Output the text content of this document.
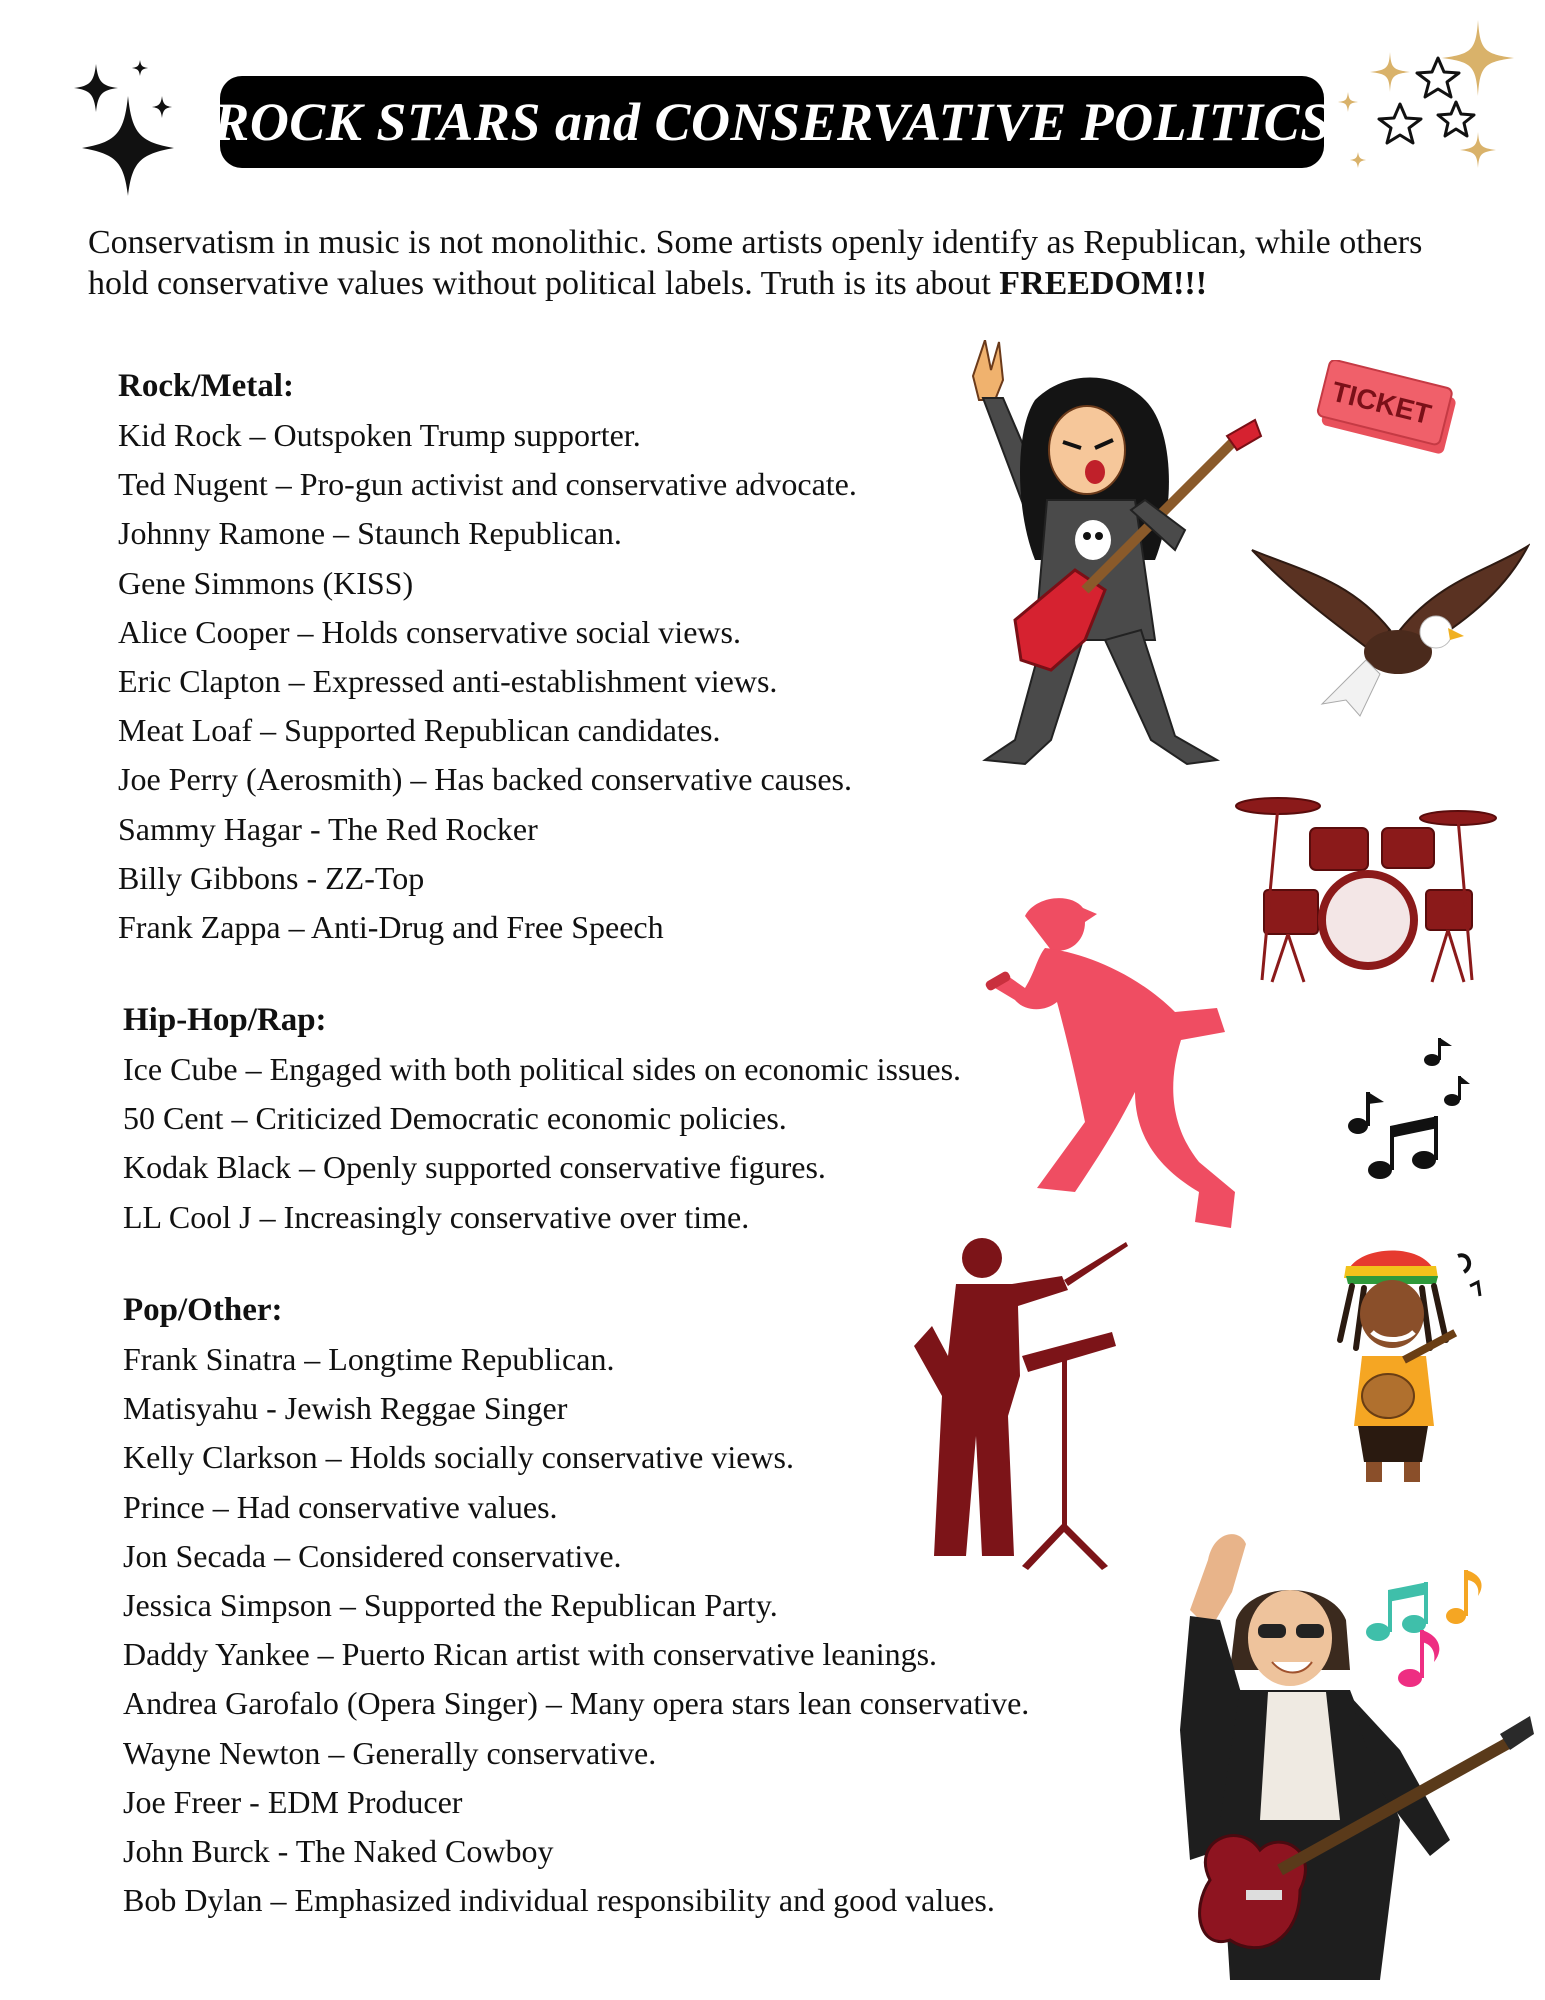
ROCK STARS and CONSERVATIVE POLITICS
Conservatism in music is not monolithic. Some artists openly identify as Republican, while others hold conservative values without political labels. Truth is its about FREEDOM!!!
Rock/Metal:
Kid Rock – Outspoken Trump supporter.
Ted Nugent – Pro-gun activist and conservative advocate.
Johnny Ramone – Staunch Republican.
Gene Simmons (KISS)
Alice Cooper – Holds conservative social views.
Eric Clapton – Expressed anti-establishment views.
Meat Loaf – Supported Republican candidates.
Joe Perry (Aerosmith) – Has backed conservative causes.
Sammy Hagar - The Red Rocker
Billy Gibbons - ZZ-Top
Frank Zappa – Anti-Drug and Free Speech
Hip-Hop/Rap:
Ice Cube – Engaged with both political sides on economic issues.
50 Cent – Criticized Democratic economic policies.
Kodak Black – Openly supported conservative figures.
LL Cool J – Increasingly conservative over time.
Pop/Other:
Frank Sinatra – Longtime Republican.
Matisyahu - Jewish Reggae Singer
Kelly Clarkson – Holds socially conservative views.
Prince – Had conservative values.
Jon Secada – Considered conservative.
Jessica Simpson – Supported the Republican Party.
Daddy Yankee – Puerto Rican artist with conservative leanings.
Andrea Garofalo (Opera Singer) – Many opera stars lean conservative.
Wayne Newton – Generally conservative.
Joe Freer - EDM Producer
John Burck - The Naked Cowboy
Bob Dylan – Emphasized individual responsibility and good values.
TICKET
